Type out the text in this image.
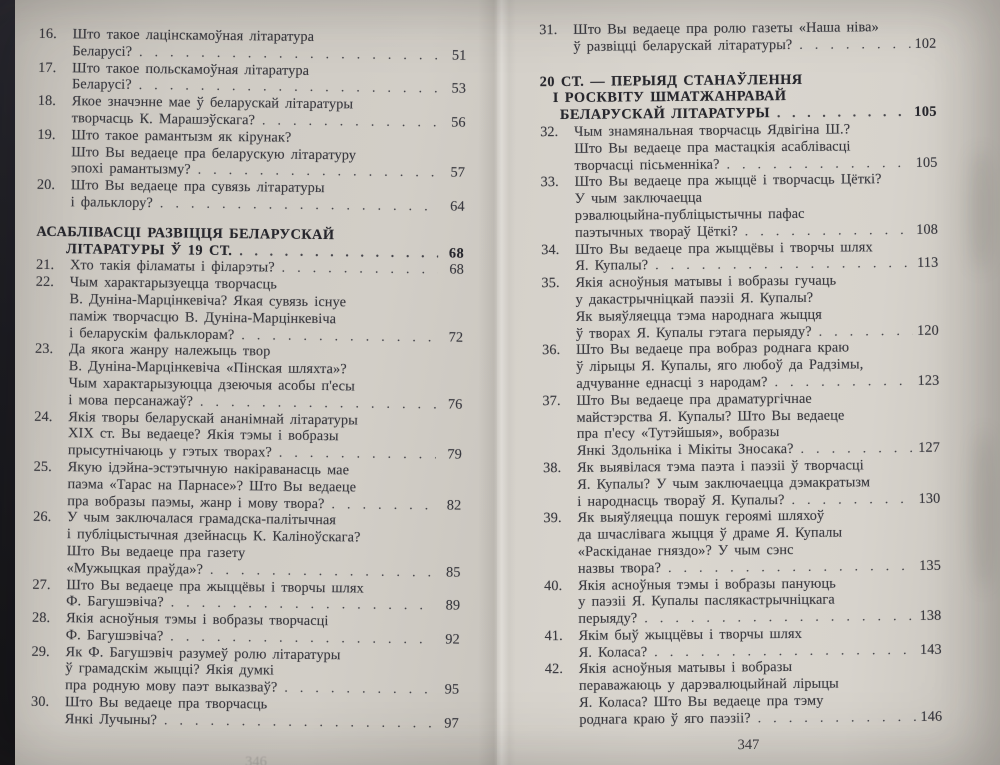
16.	Што такое лацінскамоўная літаратура
Беларусі? . . .	51
17.	Што такое польскамоўная літаратура
Беларусі? . . .	53
18.	Якое значэнне мае ў беларускай літаратуры
творчасць К. Марашэўскага? . . .	56
19.	Што такое рамантызм як кірунак?
Што Вы ведаеце пра беларускую літаратуру
эпохі рамантызму? . . .	57
20.	Што Вы ведаеце пра сувязь літаратуры
і фальклору? . . .	64
АСАБЛІВАСЦІ РАЗВІЦЦЯ БЕЛАРУСКАЙ
ЛІТАРАТУРЫ Ў 19 СТ. . . .	68
21.	Хто такія філаматы і філарэты? . . .	68
22.	Чым характарызуецца творчасць
В. Дуніна-Марцінкевіча? Якая сувязь існуе
паміж творчасцю В. Дуніна-Марцінкевіча
і беларускім фальклорам? . . .	72
23.	Да якога жанру належыць твор
В. Дуніна-Марцінкевіча «Пінская шляхта»?
Чым характарызуюцца дзеючыя асобы п'есы
і мова персанажаў? . . .	76
24.	Якія творы беларускай ананімнай літаратуры
XIX ст. Вы ведаеце? Якія тэмы і вобразы
прысутнічаюць у гэтых творах? . . .	79
25.	Якую ідэйна-эстэтычную накіраванасць мае
паэма «Тарас на Парнасе»? Што Вы ведаеце
пра вобразы паэмы, жанр і мову твора? . . .	82
26.	У чым заключалася грамадска-палітычная
і публіцыстычная дзейнасць К. Каліноўскага?
Што Вы ведаеце пра газету
«Мужыцкая праўда»? . . .	85
27.	Што Вы ведаеце пра жыццёвы і творчы шлях
Ф. Багушэвіча? . . .	89
28.	Якія асноўныя тэмы і вобразы творчасці
Ф. Багушэвіча? . . .	92
29.	Як Ф. Багушэвіч разумеў ролю літаратуры
ў грамадскім жыцці? Якія думкі
пра родную мову паэт выказваў? . . .	95
30.	Што Вы ведаеце пра творчасць
Янкі Лучыны? . . .	97
346
31.	Што Вы ведаеце пра ролю газеты «Наша ніва»
ў развіцці беларускай літаратуры? . . .	102
20 СТ. — ПЕРЫЯД СТАНАЎЛЕННЯ
І РОСКВІТУ ШМАТЖАНРАВАЙ
БЕЛАРУСКАЙ ЛІТАРАТУРЫ . . .	105
32.	Чым знамянальная творчасць Ядвігіна Ш.?
Што Вы ведаеце пра мастацкія асаблівасці
творчасці пісьменніка? . . .	105
33.	Што Вы ведаеце пра жыццё і творчасць Цёткі?
У чым заключаецца
рэвалюцыйна-публіцыстычны пафас
паэтычных твораў Цёткі? . . .	108
34.	Што Вы ведаеце пра жыццёвы і творчы шлях
Я. Купалы? . . .	113
35.	Якія асноўныя матывы і вобразы гучаць
у дакастрычніцкай паэзіі Я. Купалы?
Як выяўляецца тэма народнага жыцця
ў творах Я. Купалы гэтага перыяду? . . .	120
36.	Што Вы ведаеце пра вобраз роднага краю
ў лірыцы Я. Купалы, яго любоў да Радзімы,
адчуванне еднасці з народам? . . .	123
37.	Што Вы ведаеце пра драматургічнае
майстэрства Я. Купалы? Што Вы ведаеце
пра п'есу «Тутэйшыя», вобразы
Янкі Здольніка і Мікіты Зносака? . . .	127
38.	Як выявілася тэма паэта і паэзіі ў творчасці
Я. Купалы? У чым заключаецца дэмакратызм
і народнасць твораў Я. Купалы? . . .	130
39.	Як выяўляецца пошук героямі шляхоў
да шчаслівага жыцця ў драме Я. Купалы
«Раскіданае гняздо»? У чым сэнс
назвы твора? . . .	135
40.	Якія асноўныя тэмы і вобразы пануюць
у паэзіі Я. Купалы паслякастрычніцкага
перыяду? . . .	138
41.	Якім быў жыццёвы і творчы шлях
Я. Коласа? . . .	143
42.	Якія асноўныя матывы і вобразы
пераважаюць у дарэвалюцыйнай лірыцы
Я. Коласа? Што Вы ведаеце пра тэму
роднага краю ў яго паэзіі? . . .	146
347
